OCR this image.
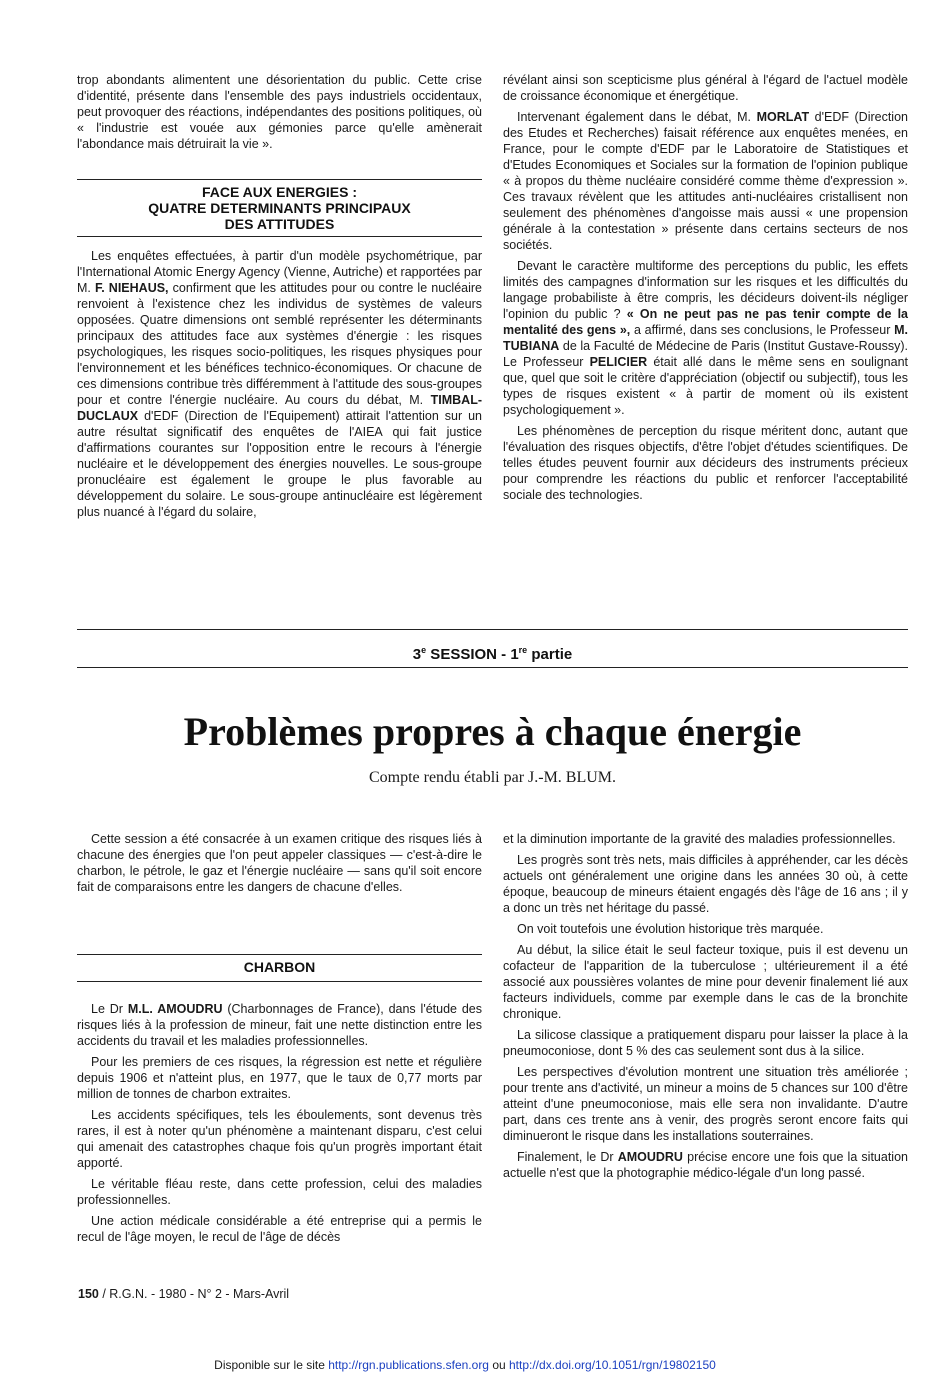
trop abondants alimentent une désorientation du public. Cette crise d'identité, présente dans l'ensemble des pays industriels occidentaux, peut provoquer des réactions, indépendantes des positions politiques, où « l'industrie est vouée aux gémonies parce qu'elle amènerait l'abondance mais détruirait la vie ».

FACE AUX ENERGIES :
QUATRE DETERMINANTS PRINCIPAUX
DES ATTITUDES

Les enquêtes effectuées, à partir d'un modèle psychométrique, par l'International Atomic Energy Agency (Vienne, Autriche) et rapportées par M. F. NIEHAUS, confirment que les attitudes pour ou contre le nucléaire renvoient à l'existence chez les individus de systèmes de valeurs opposées. Quatre dimensions ont semblé représenter les déterminants principaux des attitudes face aux systèmes d'énergie : les risques psychologiques, les risques socio-politiques, les risques physiques pour l'environnement et les bénéfices technico-économiques. Or chacune de ces dimensions contribue très différemment à l'attitude des sous-groupes pour et contre l'énergie nucléaire. Au cours du débat, M. TIMBAL-DUCLAUX d'EDF (Direction de l'Equipement) attirait l'attention sur un autre résultat significatif des enquêtes de l'AIEA qui fait justice d'affirmations courantes sur l'opposition entre le recours à l'énergie nucléaire et le développement des énergies nouvelles. Le sous-groupe pronucléaire est également le groupe le plus favorable au développement du solaire. Le sous-groupe antinucléaire est légèrement plus nuancé à l'égard du solaire,

révélant ainsi son scepticisme plus général à l'égard de l'actuel modèle de croissance économique et énergétique.

Intervenant également dans le débat, M. MORLAT d'EDF (Direction des Etudes et Recherches) faisait référence aux enquêtes menées, en France, pour le compte d'EDF par le Laboratoire de Statistiques et d'Etudes Economiques et Sociales sur la formation de l'opinion publique « à propos du thème nucléaire considéré comme thème d'expression ». Ces travaux révèlent que les attitudes anti-nucléaires cristallisent non seulement des phénomènes d'angoisse mais aussi « une propension générale à la contestation » présente dans certains secteurs de nos sociétés.

Devant le caractère multiforme des perceptions du public, les effets limités des campagnes d'information sur les risques et les difficultés du langage probabiliste à être compris, les décideurs doivent-ils négliger l'opinion du public ? « On ne peut pas ne pas tenir compte de la mentalité des gens », a affirmé, dans ses conclusions, le Professeur M. TUBIANA de la Faculté de Médecine de Paris (Institut Gustave-Roussy). Le Professeur PELICIER était allé dans le même sens en soulignant que, quel que soit le critère d'appréciation (objectif ou subjectif), tous les types de risques existent « à partir de moment où ils existent psychologiquement ».

Les phénomènes de perception du risque méritent donc, autant que l'évaluation des risques objectifs, d'être l'objet d'études scientifiques. De telles études peuvent fournir aux décideurs des instruments précieux pour comprendre les réactions du public et renforcer l'acceptabilité sociale des technologies.

3e SESSION - 1re partie
Problèmes propres à chaque énergie
Compte rendu établi par J.-M. BLUM.

Cette session a été consacrée à un examen critique des risques liés à chacune des énergies que l'on peut appeler classiques — c'est-à-dire le charbon, le pétrole, le gaz et l'énergie nucléaire — sans qu'il soit encore fait de comparaisons entre les dangers de chacune d'elles.

CHARBON

Le Dr M.L. AMOUDRU (Charbonnages de France), dans l'étude des risques liés à la profession de mineur, fait une nette distinction entre les accidents du travail et les maladies professionnelles.

Pour les premiers de ces risques, la régression est nette et régulière depuis 1906 et n'atteint plus, en 1977, que le taux de 0,77 morts par million de tonnes de charbon extraites.

Les accidents spécifiques, tels les éboulements, sont devenus très rares, il est à noter qu'un phénomène a maintenant disparu, c'est celui qui amenait des catastrophes chaque fois qu'un progrès important était apporté.

Le véritable fléau reste, dans cette profession, celui des maladies professionnelles.

Une action médicale considérable a été entreprise qui a permis le recul de l'âge moyen, le recul de l'âge de décès

et la diminution importante de la gravité des maladies professionnelles.

Les progrès sont très nets, mais difficiles à appréhender, car les décès actuels ont généralement une origine dans les années 30 où, à cette époque, beaucoup de mineurs étaient engagés dès l'âge de 16 ans ; il y a donc un très net héritage du passé.

On voit toutefois une évolution historique très marquée.

Au début, la silice était le seul facteur toxique, puis il est devenu un cofacteur de l'apparition de la tuberculose ; ultérieurement il a été associé aux poussières volantes de mine pour devenir finalement lié aux facteurs individuels, comme par exemple dans le cas de la bronchite chronique.

La silicose classique a pratiquement disparu pour laisser la place à la pneumoconiose, dont 5 % des cas seulement sont dus à la silice.

Les perspectives d'évolution montrent une situation très améliorée ; pour trente ans d'activité, un mineur a moins de 5 chances sur 100 d'être atteint d'une pneumoconiose, mais elle sera non invalidante. D'autre part, dans ces trente ans à venir, des progrès seront encore faits qui diminueront le risque dans les installations souterraines.

Finalement, le Dr AMOUDRU précise encore une fois que la situation actuelle n'est que la photographie médico-légale d'un long passé.

150 / R.G.N. - 1980 - N° 2 - Mars-Avril
Disponible sur le site http://rgn.publications.sfen.org ou http://dx.doi.org/10.1051/rgn/19802150
